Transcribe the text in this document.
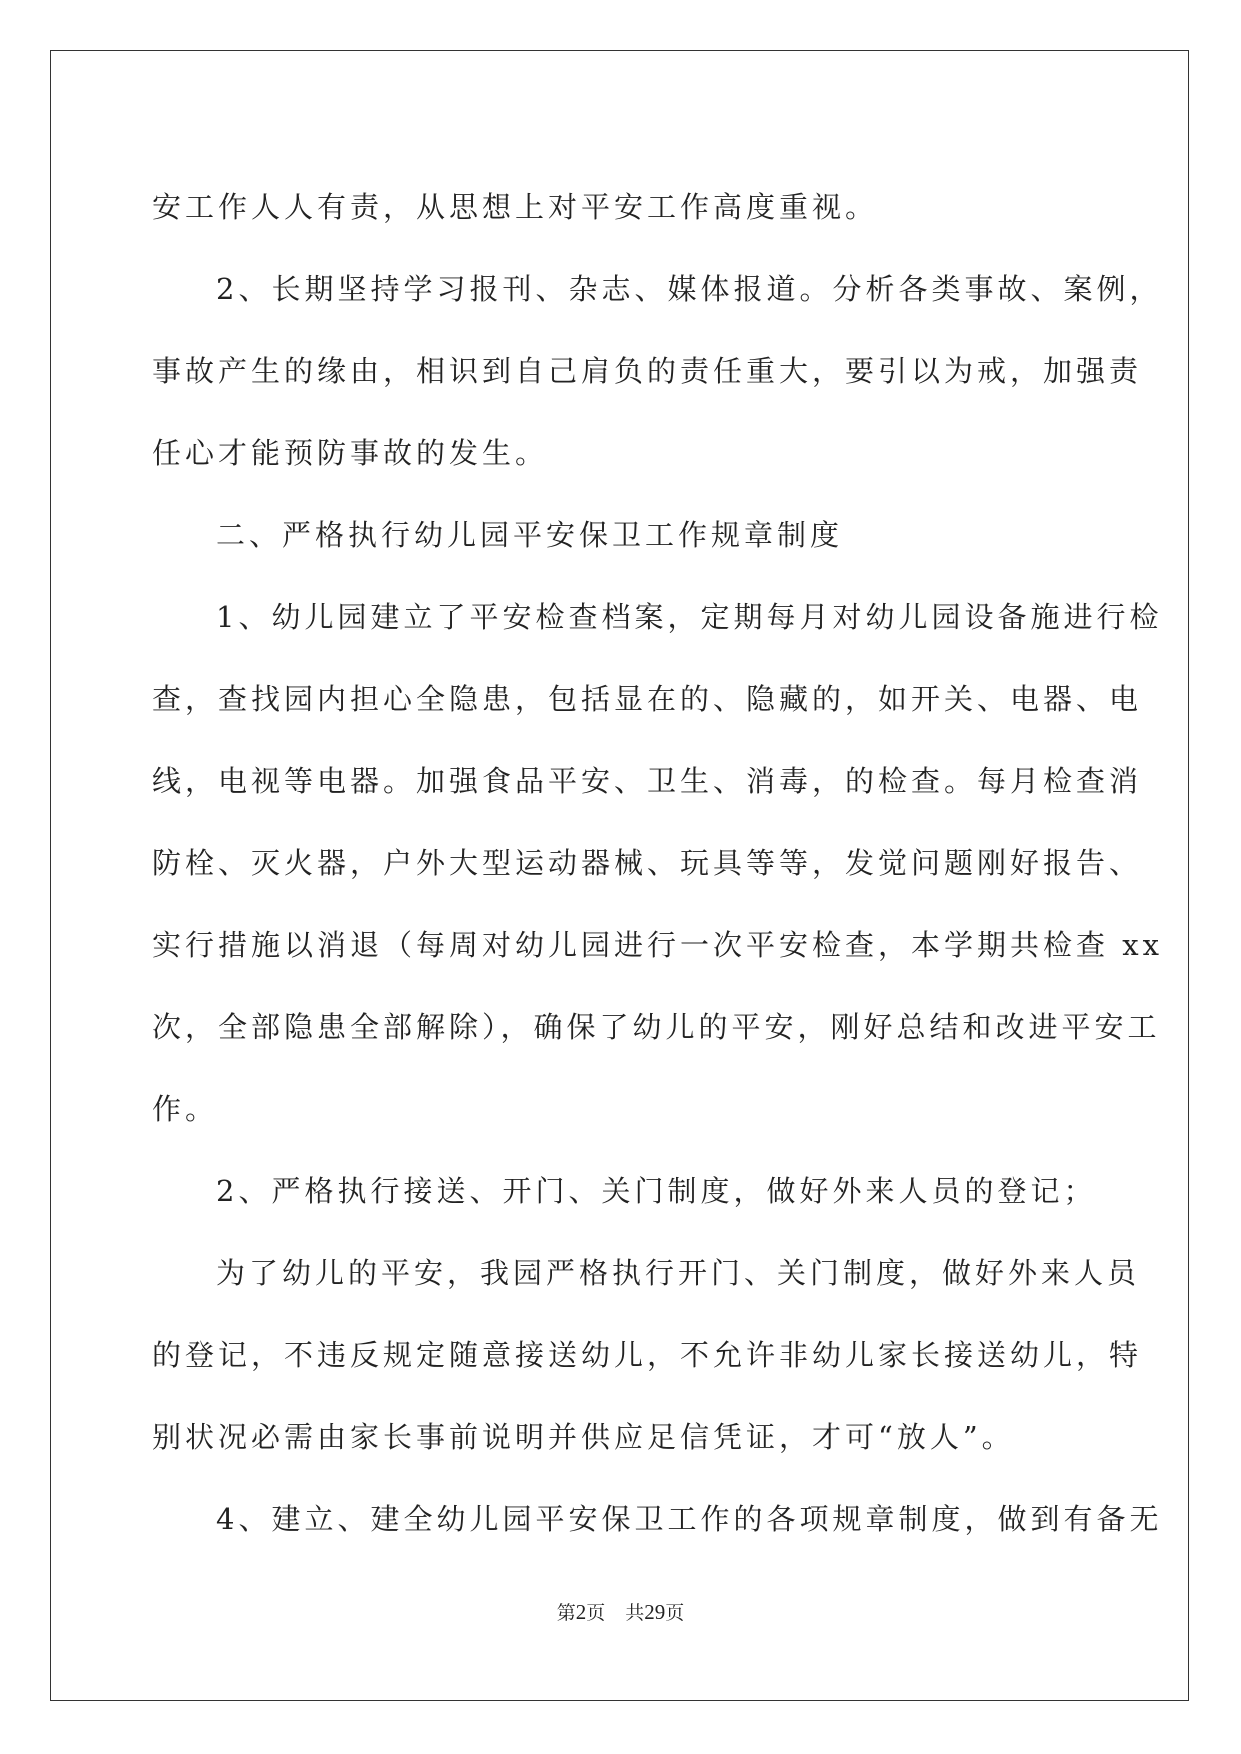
安工作人人有责，从思想上对平安工作高度重视。
2、长期坚持学习报刊、杂志、媒体报道。分析各类事故、案例，
事故产生的缘由，相识到自己肩负的责任重大，要引以为戒，加强责
任心才能预防事故的发生。
二、严格执行幼儿园平安保卫工作规章制度
1、幼儿园建立了平安检查档案，定期每月对幼儿园设备施进行检
查，查找园内担心全隐患，包括显在的、隐藏的，如开关、电器、电
线，电视等电器。加强食品平安、卫生、消毒，的检查。每月检查消
防栓、灭火器，户外大型运动器械、玩具等等，发觉问题刚好报告、
实行措施以消退（每周对幼儿园进行一次平安检查，本学期共检查 xx
次，全部隐患全部解除），确保了幼儿的平安，刚好总结和改进平安工
作。
2、严格执行接送、开门、关门制度，做好外来人员的登记；
为了幼儿的平安，我园严格执行开门、关门制度，做好外来人员
的登记，不违反规定随意接送幼儿，不允许非幼儿家长接送幼儿，特
别状况必需由家长事前说明并供应足信凭证，才可“放人”。
4、建立、建全幼儿园平安保卫工作的各项规章制度，做到有备无
第2页 共29页
